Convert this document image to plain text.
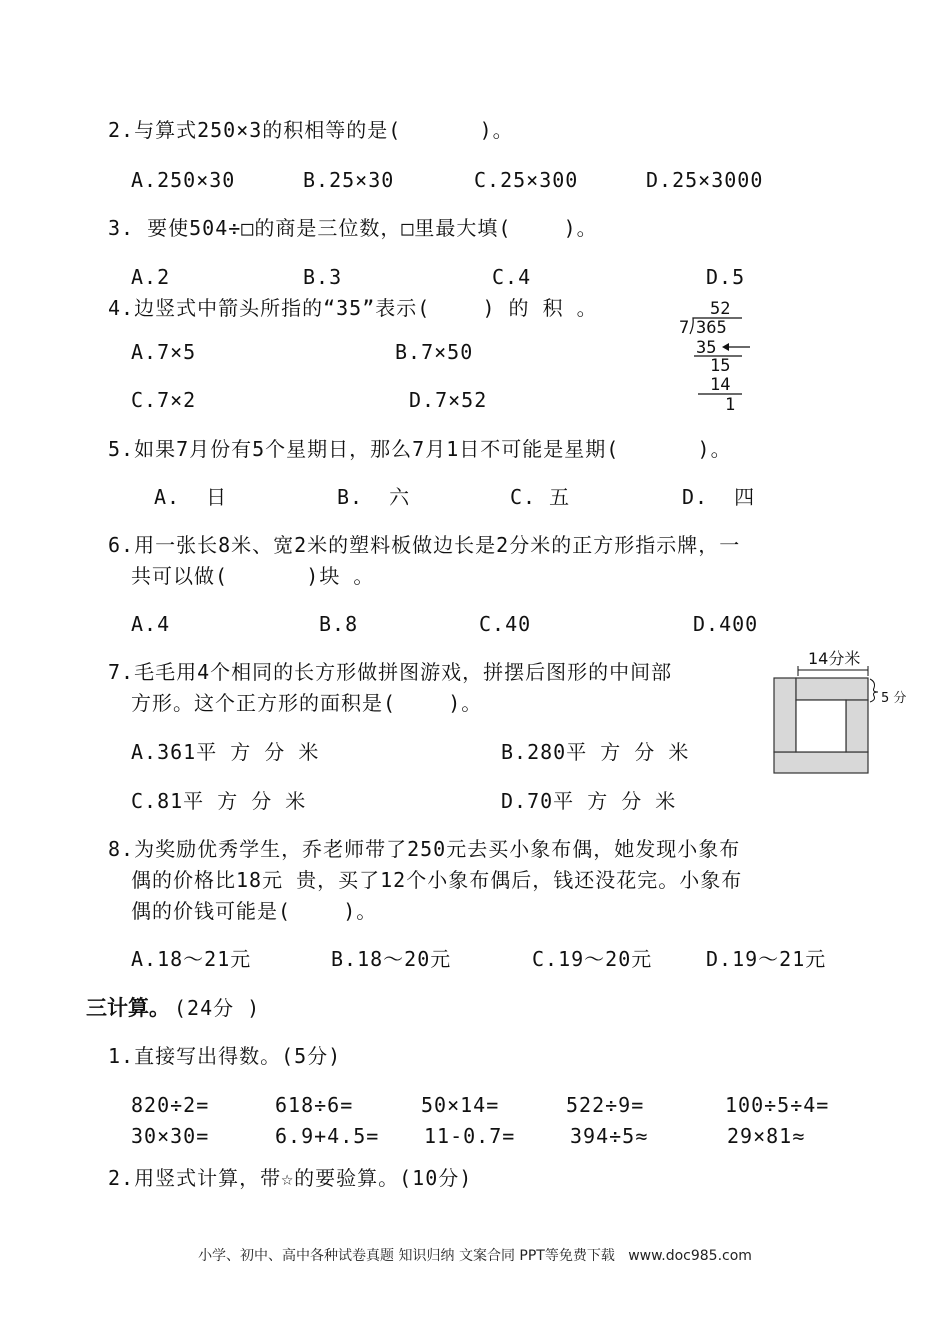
2.与算式250×3的积相等的是(      )。
A.250×30	B.25×30	C.25×300	D.25×3000
3. 要使504÷□的商是三位数，□里最大填(    )。
A.2	B.3	C.4	D.5
4.边竖式中箭头所指的“35”表示(    ) 的 积 。
A.7×5	B.7×50
C.7×2	D.7×52
52
7 365
35
15
14
1
5.如果7月份有5个星期日，那么7月1日不可能是星期(      )。
A.  日	B.  六	C. 五	D.  四
6.用一张长8米、宽2米的塑料板做边长是2分米的正方形指示牌，一
共可以做(      )块 。
A.4	B.8	C.40	D.400
7.毛毛用4个相同的长方形做拼图游戏，拼摆后图形的中间部
方形。这个正方形的面积是(    )。
A.361平 方 分 米	B.280平 方 分 米
C.81平 方 分 米	D.70平 方 分 米
14分米
5 分
8.为奖励优秀学生，乔老师带了250元去买小象布偶，她发现小象布
偶的价格比18元 贵，买了12个小象布偶后，钱还没花完。小象布
偶的价钱可能是(    )。
A.18～21元	B.18～20元	C.19～20元	D.19～21元
三计算。 (24分 )
1.直接写出得数。(5分)
820÷2=	618÷6=	50×14=	522÷9=	100÷5÷4=
30×30=	6.9+4.5= 11-0.7=	394÷5≈	29×81≈
2.用竖式计算，带☆的要验算。(10分)
小学、初中、高中各种试卷真题 知识归纳 文案合同 PPT等免费下载   www.doc985.com
